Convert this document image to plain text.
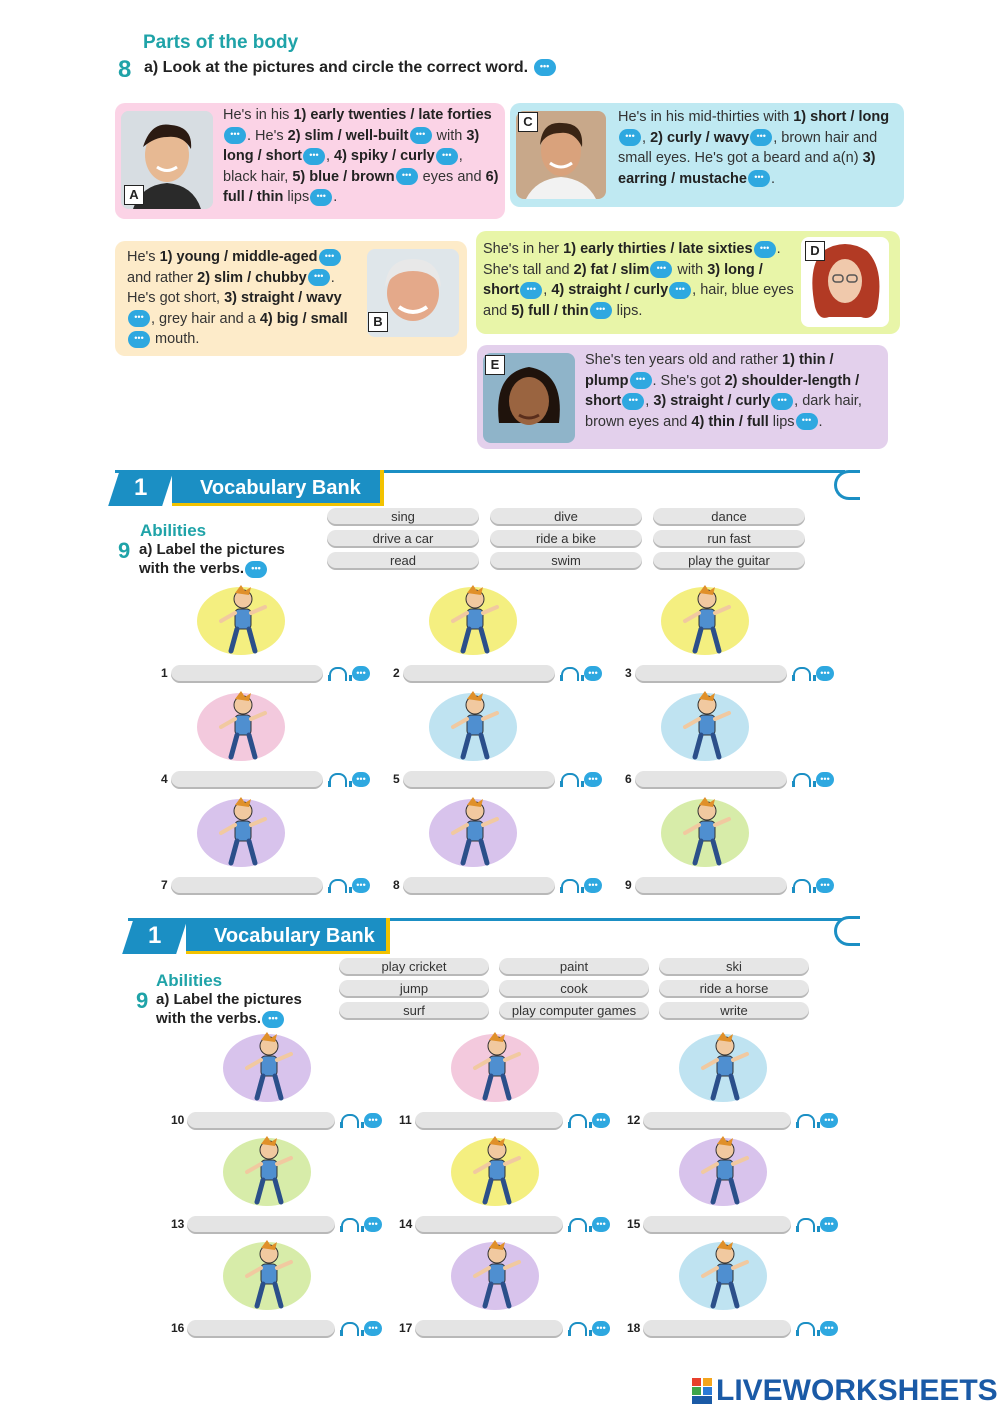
Parts of the body
8 a) Look at the pictures and circle the correct word. •••
A
He's in his 1) early twenties / late forties•••. He's 2) slim / well-built••• with 3) long / short ••• , 4) spiky / curly ••• , black hair, 5) blue / brown••• eyes and 6) full / thin lips ••• .
C	He's in his mid-thirties with 1) short / long•••, 2) curly / wavy ••• , brown hair and small eyes. He's got a beard and a(n) 3) earring / mustache ••• .
He's 1) young / middle-aged••• and rather 2) slim / chubby ••• . He's got short, 3) straight / wavy•••, grey hair and a 4) big / small••• mouth.
B
She's in her 1) early thirties / late sixties ••• . She's tall and 2) fat / slim••• with 3) long / short ••• , 4) straight / curly ••• , hair, blue eyes and 5) full / thin••• lips.
D
E	She's ten years old and rather 1) thin / plump ••• . She's got 2) shoulder-length / short ••• , 3) straight / curly ••• , dark hair, brown eyes and 4) thin / full lips ••• .
1	Vocabulary Bank
Abilities
9 a) Label the pictures
with the verbs.•••
sing	dive	dance
drive a car	ride a bike	run fast
read	swim	play the guitar
1 •••	2 •••	3
•••
4 •••	5 •••	6
•••
7 •••	8 •••	9
•••
1	Vocabulary Bank
Abilities
9 a) Label the pictures
with the verbs.•••
play cricket	paint	ski
jump	cook	ride a horse
surf	play computer games	write
10 •••	11 •••	12
•••
13 •••	14 •••	15
•••
16 •••	17 •••	18
•••
LIVEWORKSHEETS
